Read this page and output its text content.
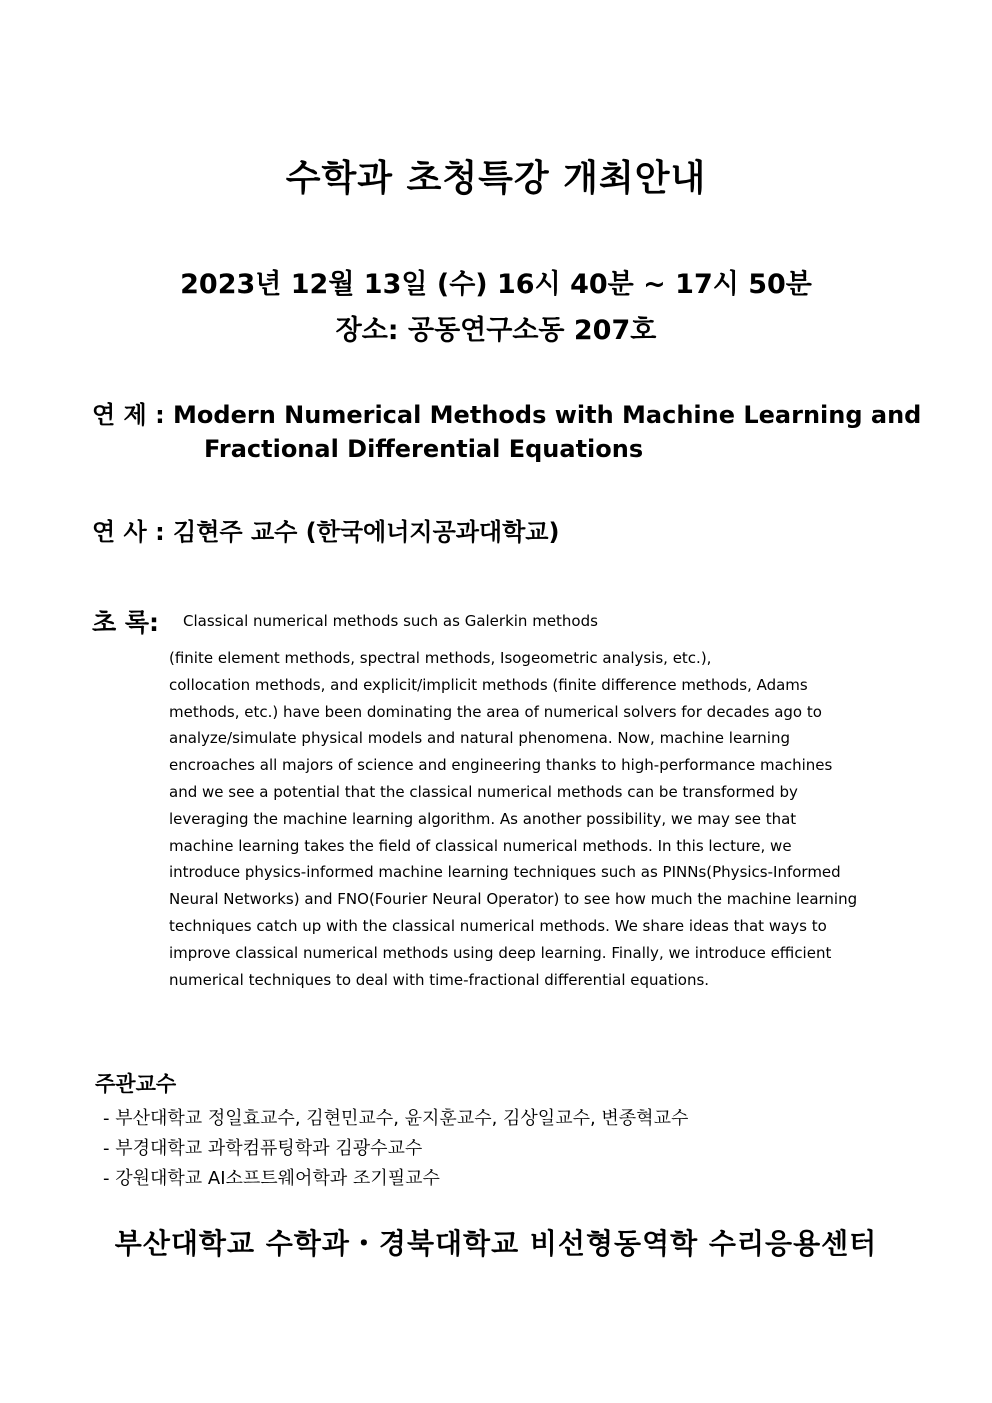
수학과 초청특강 개최안내
2023년 12월 13일 (수) 16시 40분 ~ 17시 50분
장소: 공동연구소동 207호
연 제 : Modern Numerical Methods with Machine Learning and
Fractional Differential Equations
연 사 : 김현주 교수 (한국에너지공과대학교)
초 록: Classical numerical methods such as Galerkin methods
(finite element methods, spectral methods, Isogeometric analysis, etc.),
collocation methods, and explicit/implicit methods (finite difference methods, Adams
methods, etc.) have been dominating the area of numerical solvers for decades ago to
analyze/simulate physical models and natural phenomena. Now, machine learning
encroaches all majors of science and engineering thanks to high-performance machines
and we see a potential that the classical numerical methods can be transformed by
leveraging the machine learning algorithm. As another possibility, we may see that
machine learning takes the field of classical numerical methods. In this lecture, we
introduce physics-informed machine learning techniques such as PINNs(Physics-Informed
Neural Networks) and FNO(Fourier Neural Operator) to see how much the machine learning
techniques catch up with the classical numerical methods. We share ideas that ways to
improve classical numerical methods using deep learning. Finally, we introduce efficient
numerical techniques to deal with time-fractional differential equations.
주관교수
- 부산대학교 정일효교수, 김현민교수, 윤지훈교수, 김상일교수, 변종혁교수
- 부경대학교 과학컴퓨팅학과 김광수교수
- 강원대학교 AI소프트웨어학과 조기필교수
부산대학교 수학과・경북대학교 비선형동역학 수리응용센터
